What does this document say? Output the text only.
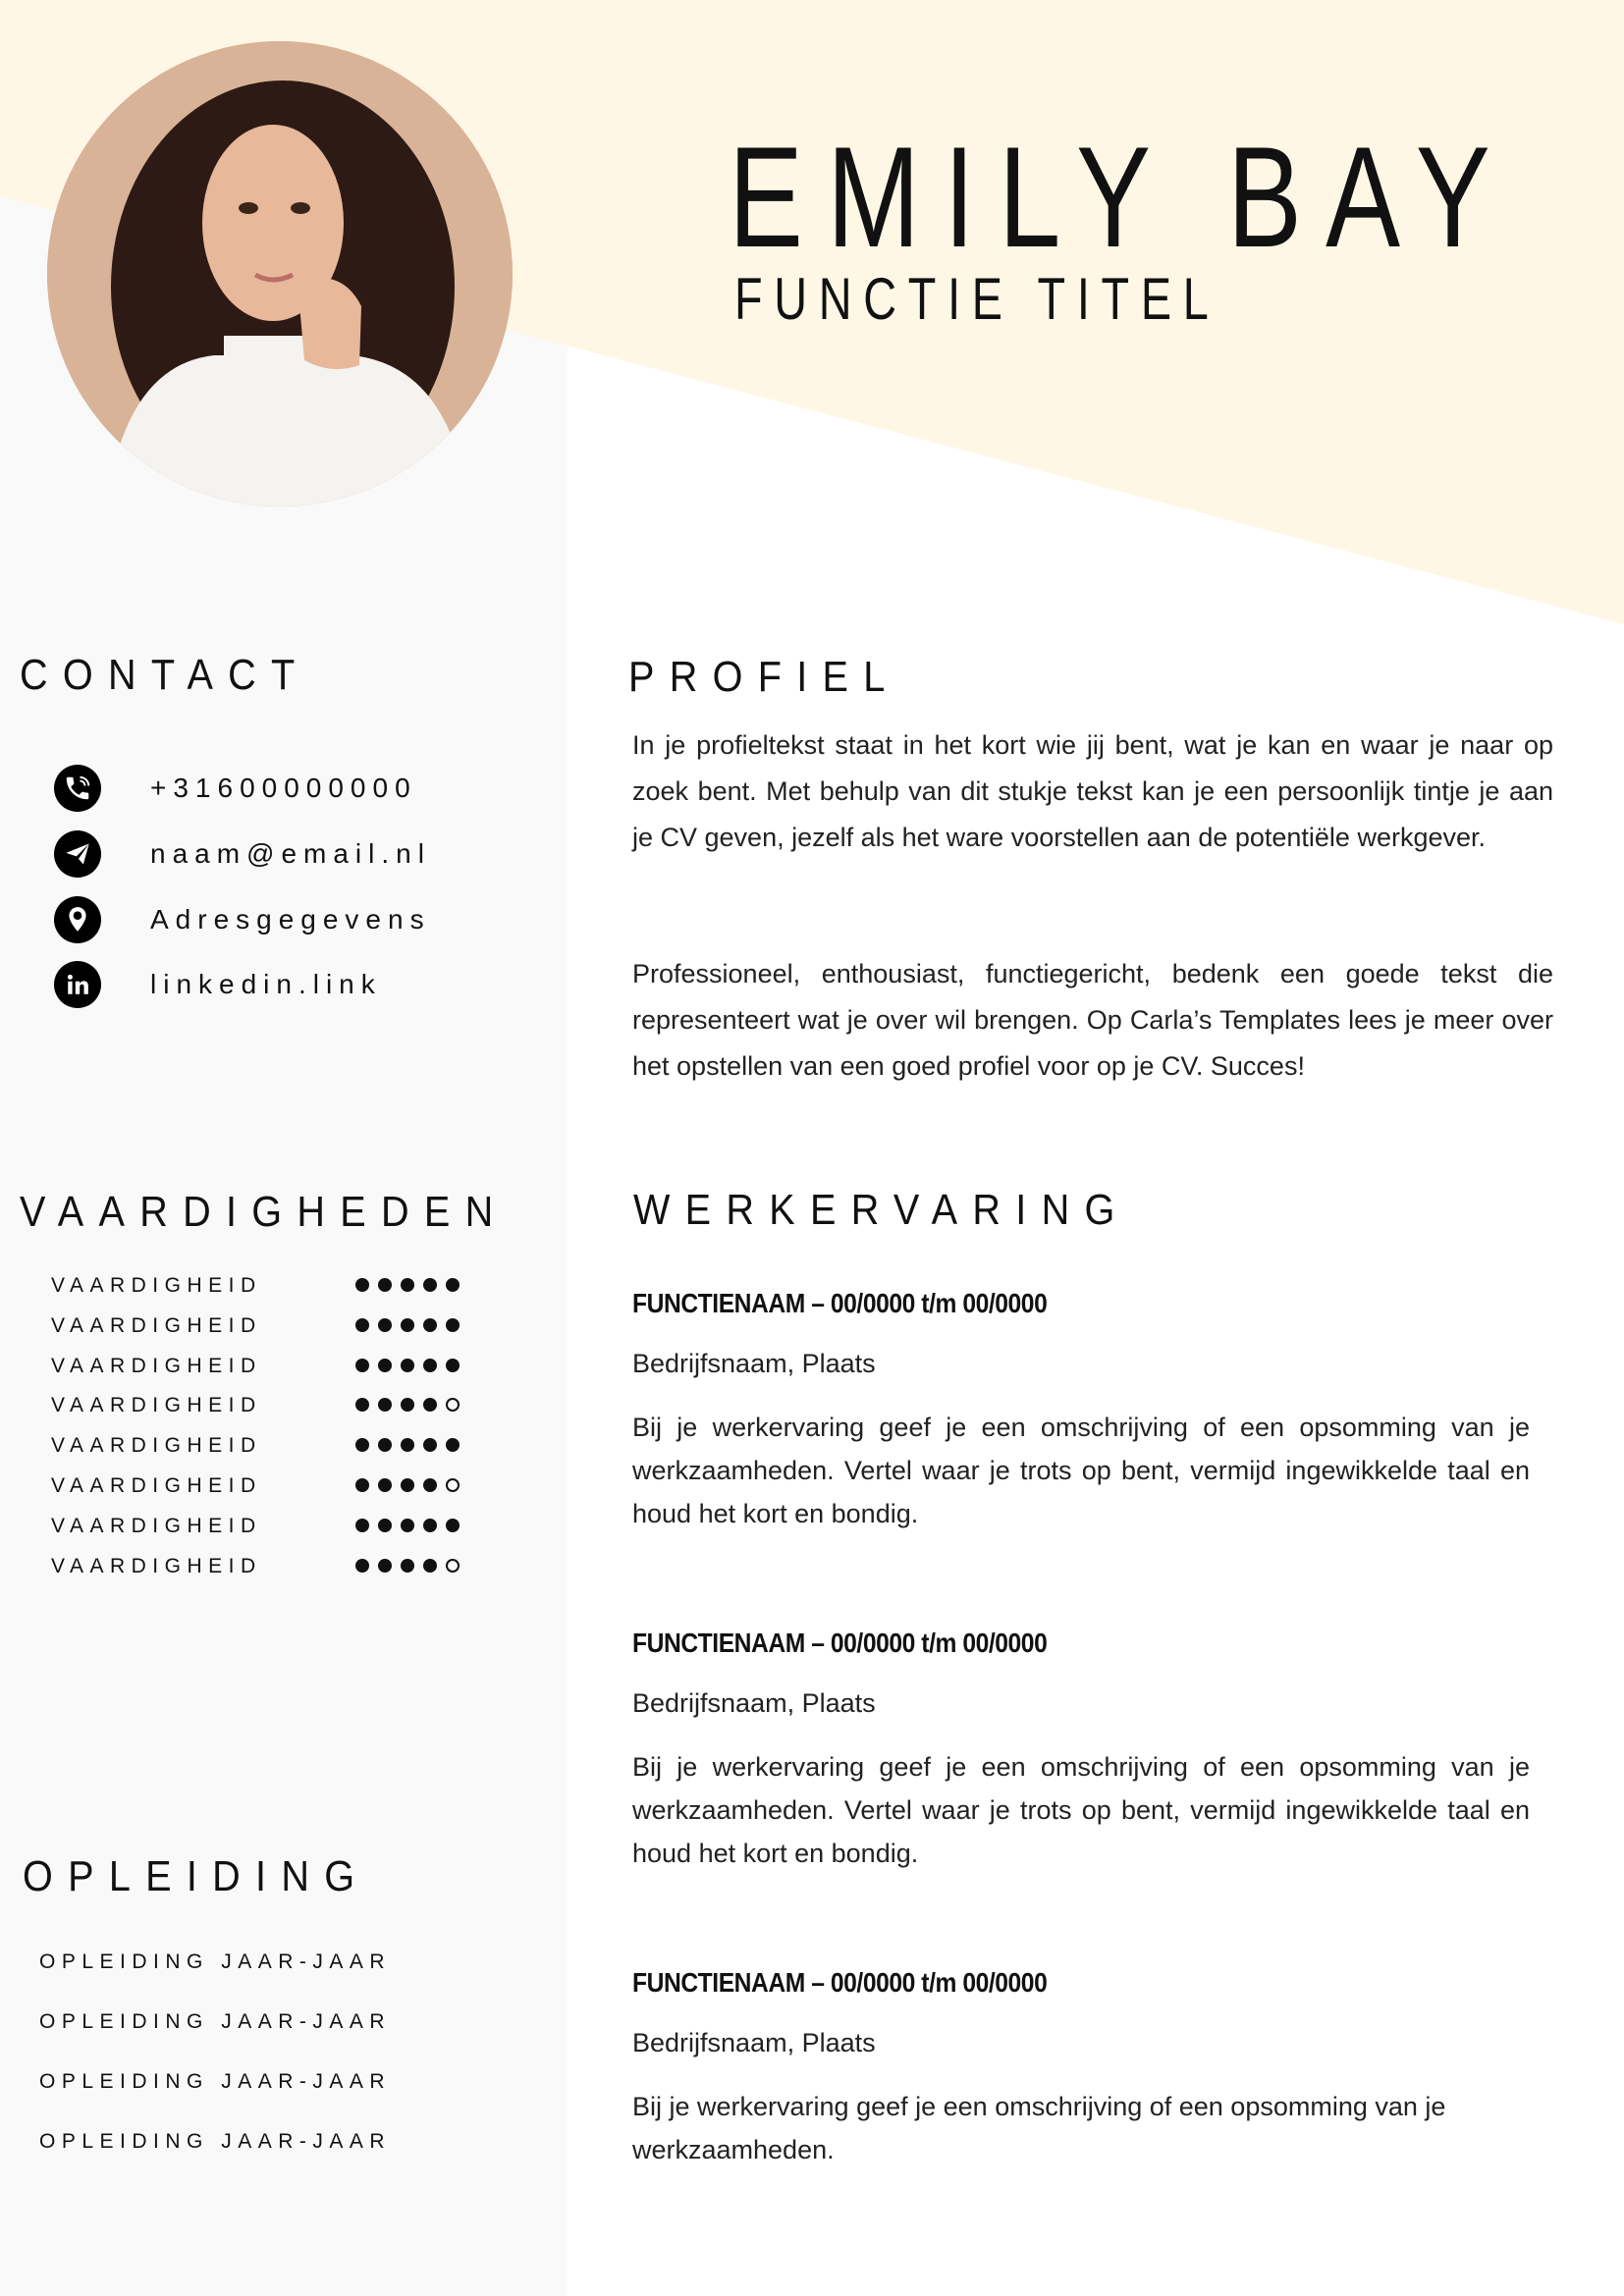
EMILY BAY
FUNCTIE TITEL
CONTACT
+31600000000
naam@email.nl
Adresgegevens
linkedin.link
VAARDIGHEDEN
VAARDIGHEID
VAARDIGHEID
VAARDIGHEID
VAARDIGHEID
VAARDIGHEID
VAARDIGHEID
VAARDIGHEID
VAARDIGHEID
OPLEIDING
OPLEIDING JAAR-JAAR
OPLEIDING JAAR-JAAR
OPLEIDING JAAR-JAAR
OPLEIDING JAAR-JAAR
PROFIEL
In je profieltekst staat in het kort wie jij bent, wat je kan en waar je naar op zoek bent. Met behulp van dit stukje tekst kan je een persoonlijk tintje je aan je CV geven, jezelf als het ware voorstellen aan de potentiële werkgever.
Professioneel, enthousiast, functiegericht, bedenk een goede tekst die representeert wat je over wil brengen. Op Carla’s Templates lees je meer over het opstellen van een goed profiel voor op je CV. Succes!
WERKERVARING
FUNCTIENAAM – 00/0000 t/m 00/0000
Bedrijfsnaam, Plaats
Bij je werkervaring geef je een omschrijving of een opsomming van je werkzaamheden. Vertel waar je trots op bent, vermijd ingewikkelde taal en houd het kort en bondig.
FUNCTIENAAM – 00/0000 t/m 00/0000
Bedrijfsnaam, Plaats
Bij je werkervaring geef je een omschrijving of een opsomming van je werkzaamheden. Vertel waar je trots op bent, vermijd ingewikkelde taal en houd het kort en bondig.
FUNCTIENAAM – 00/0000 t/m 00/0000
Bedrijfsnaam, Plaats
Bij je werkervaring geef je een omschrijving of een opsomming van je werkzaamheden.
